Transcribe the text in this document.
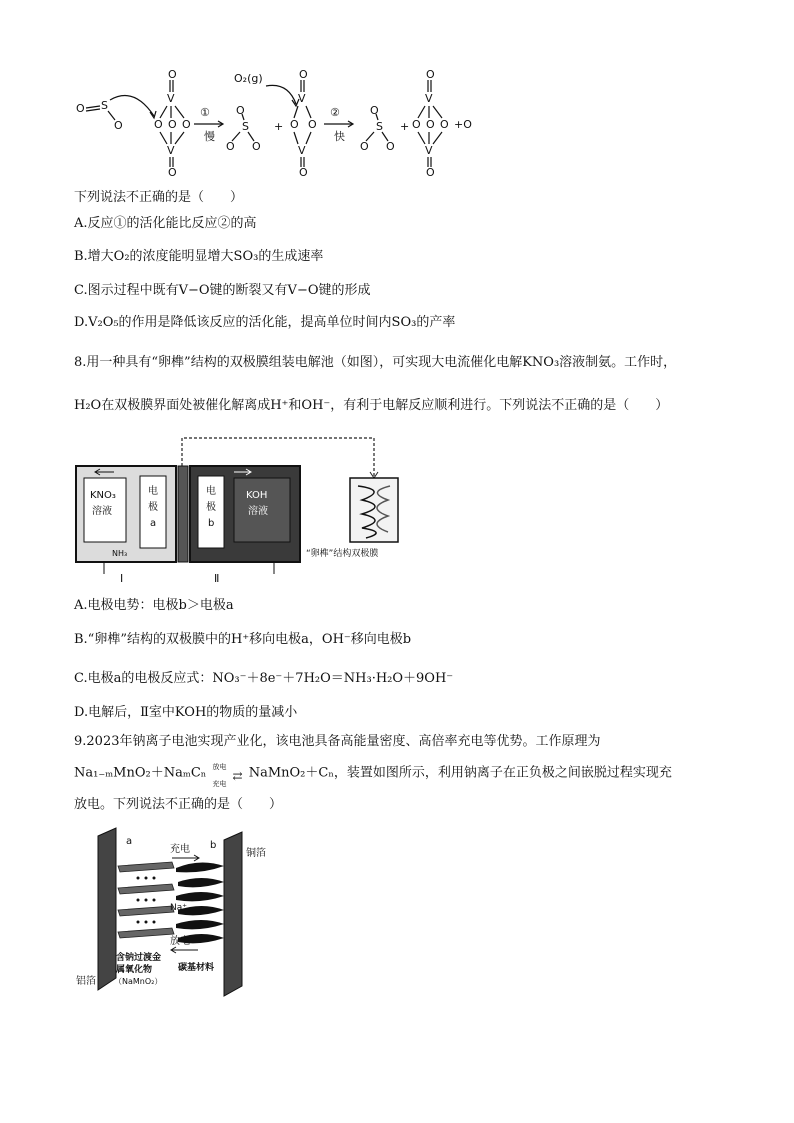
O S
O
O
V
O O O
V
O
①
慢
O
S
O O
+
O₂(g)	O
V
O O
V
O
②
快
O
S
O O
+
O
V
O O O +O
V
O
下列说法不正确的是（　　）
A.反应①的活化能比反应②的高
B.增大O₂的浓度能明显增大SO₃的生成速率
C.图示过程中既有V−O键的断裂又有V−O键的形成
D.V₂O₅的作用是降低该反应的活化能，提高单位时间内SO₃的产率
8.用一种具有“卵榫”结构的双极膜组装电解池（如图），可实现大电流催化电解KNO₃溶液制氨。工作时，
H₂O在双极膜界面处被催化解离成H⁺和OH⁻，有利于电解反应顺利进行。下列说法不正确的是（　　）
KNO₃
溶液
电
极
a
电
极
b
KOH
溶液
NH₃
Ⅰ	Ⅱ
“卵榫”结构双极膜
A.电极电势：电极b＞电极a
B.“卵榫”结构的双极膜中的H⁺移向电极a，OH⁻移向电极b
C.电极a的电极反应式：NO₃⁻＋8e⁻＋7H₂O＝NH₃·H₂O＋9OH⁻
D.电解后，Ⅱ室中KOH的物质的量减小
9.2023年钠离子电池实现产业化，该电池具备高能量密度、高倍率充电等优势。工作原理为
Na₁₋ₘMnO₂＋NaₘCₙ 放电
充电
⇄ NaMnO₂＋Cₙ，装置如图所示，利用钠离子在正负极之间嵌脱过程实现充
放电。下列说法不正确的是（　　）
a	b
充电
Na⁺
放电
铜箔
铝箔
含钠过渡金
属氧化物
（NaMnO₂）
碳基材料
